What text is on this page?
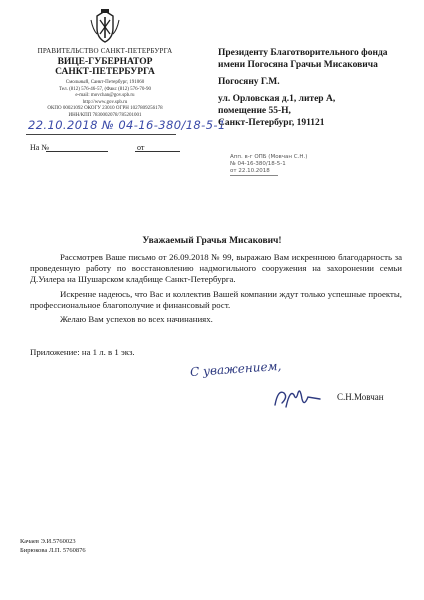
ПРАВИТЕЛЬСТВО САНКТ-ПЕТЕРБУРГА
ВИЦЕ-ГУБЕРНАТОР
САНКТ-ПЕТЕРБУРГА
Смольный, Санкт-Петербург, 191060
Тел. (812) 576-46-57, (Факс (812) 576-70-90
e-mail: movchan@gov.spb.ru
http://www.gov.spb.ru
ОКПО 00021092 ОКОГУ 23010 ОГРН 1027809256178
ИНН/КПП 7830002078/785201001
22.10.2018 № 04-16-380/18-5-1
На №	от
Президенту Благотворительного фонда
имени Погосяна Грачьи Мисаковича
Погосяну Г.М.
ул. Орловская д.1, литер А,
помещение 55-Н,
Санкт-Петербург, 191121
Апп. в-г ОПБ (Мовчан С.Н.)
№ 04-16-380/18-5-1
от 22.10.2018
Уважаемый Грачья Мисакович!

Рассмотрев Ваше письмо от 26.09.2018 № 99, выражаю Вам искреннюю благодарность за проведенную работу по восстановлению надмогильного сооружения на захоронении семьи Д.Уилера на Шушарском кладбище Санкт-Петербурга.

Искренне надеюсь, что Вас и коллектив Вашей компании ждут только успешные проекты, профессиональное благополучие и финансовый рост.

Желаю Вам успехов во всех начинаниях.

Приложение: на 1 л. в 1 экз.
С уважением,
С.Н.Мовчан
Качаев Э.И.5760023
Бирюкова Л.П. 5760876
